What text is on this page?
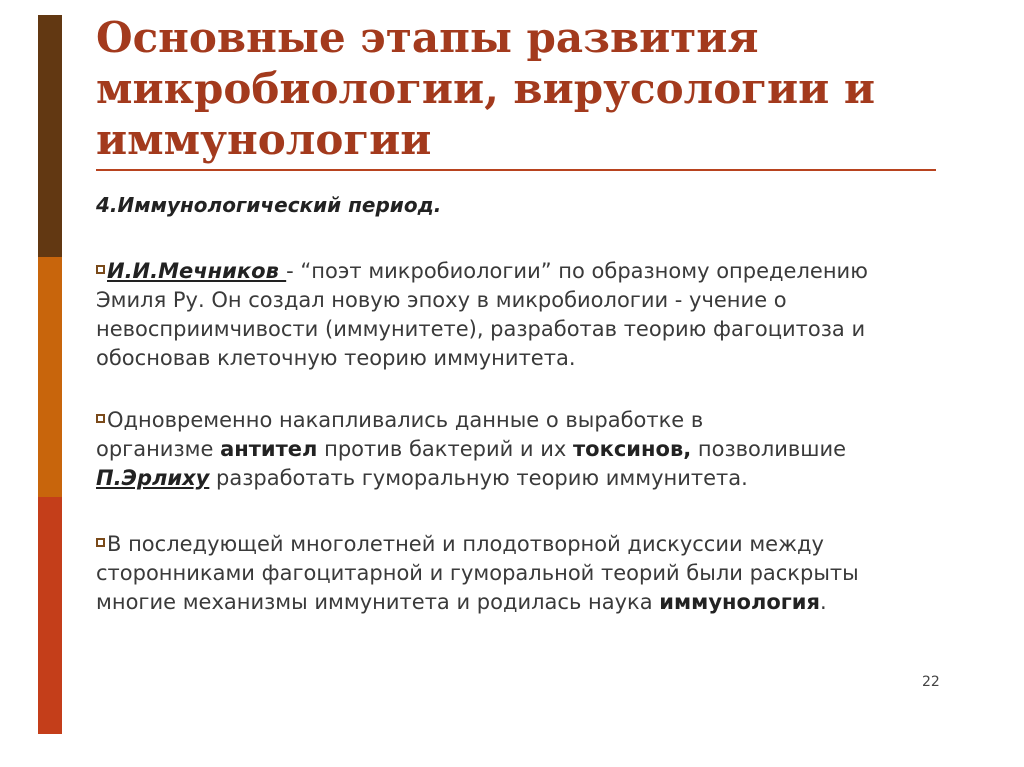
Основные этапы развития
микробиологии, вирусологии и
иммунологии

4.Иммунологический период.

И.И.Мечников - “поэт микробиологии” по образному определению
Эмиля Ру. Он создал новую эпоху в микробиологии - учение о
невосприимчивости (иммунитете), разработав теорию фагоцитоза и
обосновав клеточную теорию иммунитета.

Одновременно накапливались данные о выработке в
организме антител против бактерий и их токсинов, позволившие
П.Эрлиху разработать гуморальную теорию иммунитета.

В последующей многолетней и плодотворной дискуссии между
сторонниками фагоцитарной и гуморальной теорий были раскрыты
многие механизмы иммунитета и родилась наука иммунология.

22
